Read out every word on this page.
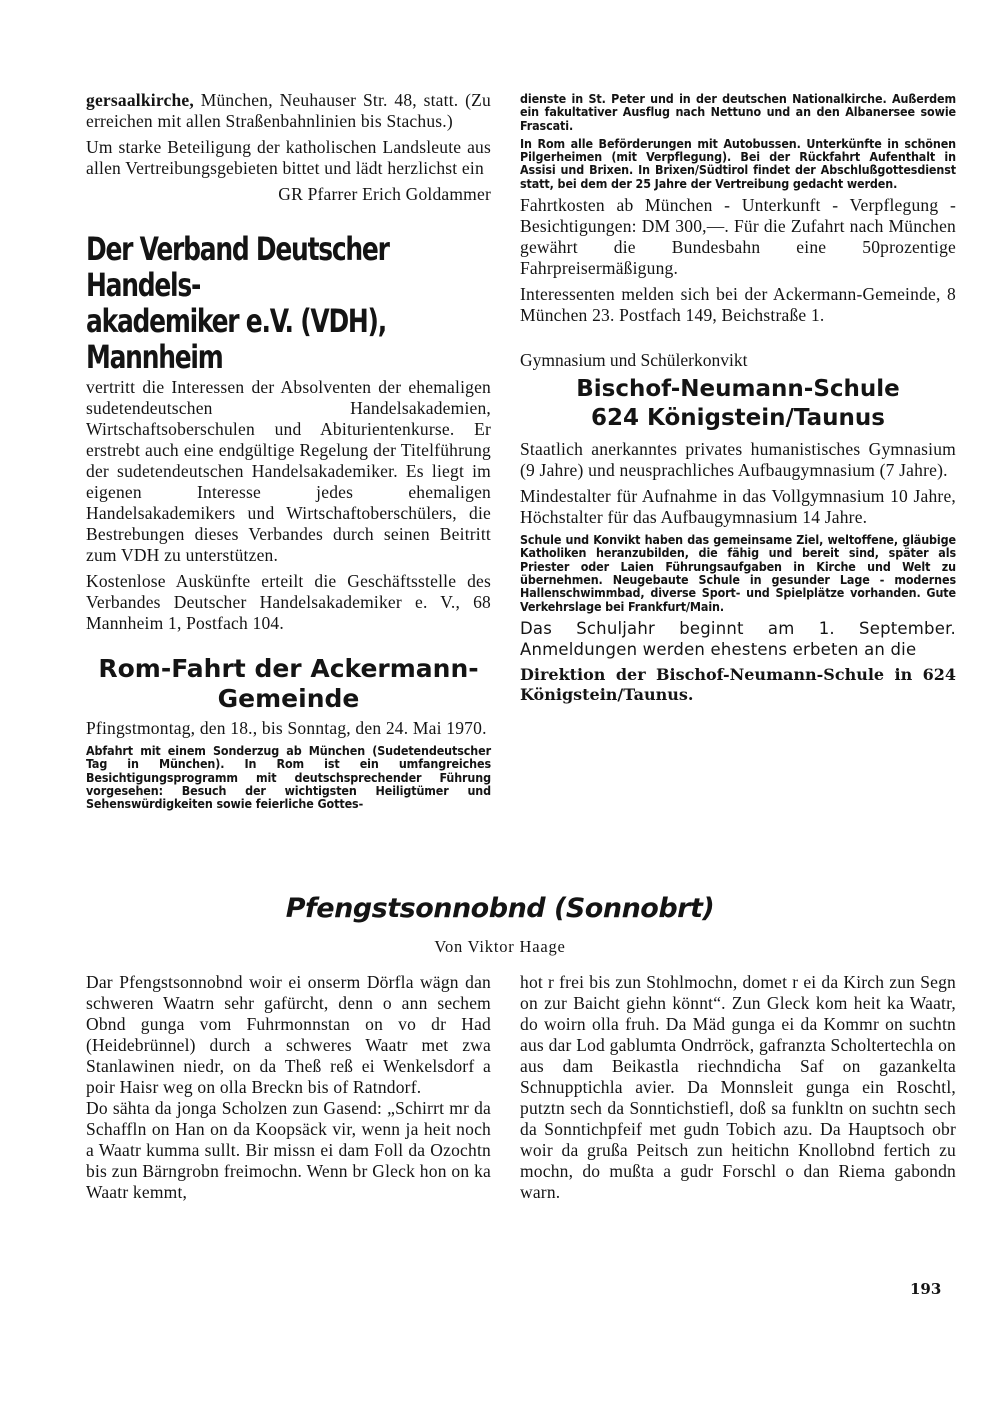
gersaalkirche, München, Neuhauser Str. 48, statt. (Zu erreichen mit allen Straßenbahnlinien bis Stachus.)

Um starke Beteiligung der katholischen Landsleute aus allen Vertreibungsgebieten bittet und lädt herzlichst ein

GR Pfarrer Erich Goldammer

Der Verband Deutscher Handels-
akademiker e.V. (VDH), Mannheim

vertritt die Interessen der Absolventen der ehemaligen sudetendeutschen Handelsakademien, Wirtschaftsoberschulen und Abiturientenkurse. Er erstrebt auch eine endgültige Regelung der Titelführung der sudetendeutschen Handelsakademiker. Es liegt im eigenen Interesse jedes ehemaligen Handelsakademikers und Wirtschaftoberschülers, die Bestrebungen dieses Verbandes durch seinen Beitritt zum VDH zu unterstützen.

Kostenlose Auskünfte erteilt die Geschäftsstelle des Verbandes Deutscher Handelsakademiker e. V., 68 Mannheim 1, Postfach 104.

Rom-Fahrt der Ackermann-
Gemeinde

Pfingstmontag, den 18., bis Sonntag, den 24. Mai 1970.

Abfahrt mit einem Sonderzug ab München (Sudetendeutscher Tag in München). In Rom ist ein umfangreiches Besichtigungsprogramm mit deutschsprechender Führung vorgesehen: Besuch der wichtigsten Heiligtümer und Sehenswürdigkeiten sowie feierliche Gottes-

dienste in St. Peter und in der deutschen Nationalkirche. Außerdem ein fakultativer Ausflug nach Nettuno und an den Albanersee sowie Frascati.

In Rom alle Beförderungen mit Autobussen. Unterkünfte in schönen Pilgerheimen (mit Verpflegung). Bei der Rückfahrt Aufenthalt in Assisi und Brixen. In Brixen/Südtirol findet der Abschlußgottesdienst statt, bei dem der 25 Jahre der Vertreibung gedacht werden.

Fahrtkosten ab München - Unterkunft - Verpflegung - Besichtigungen: DM 300,—. Für die Zufahrt nach München gewährt die Bundesbahn eine 50prozentige Fahrpreisermäßigung.

Interessenten melden sich bei der Ackermann-Gemeinde, 8 München 23. Postfach 149, Beichstraße 1.

Gymnasium und Schülerkonvikt

Bischof-Neumann-Schule
624 Königstein/Taunus

Staatlich anerkanntes privates humanistisches Gymnasium (9 Jahre) und neusprachliches Aufbaugymnasium (7 Jahre).

Mindestalter für Aufnahme in das Vollgymnasium 10 Jahre, Höchstalter für das Aufbaugymnasium 14 Jahre.

Schule und Konvikt haben das gemeinsame Ziel, weltoffene, gläubige Katholiken heranzubilden, die fähig und bereit sind, später als Priester oder Laien Führungsaufgaben in Kirche und Welt zu übernehmen. Neugebaute Schule in gesunder Lage - modernes Hallenschwimmbad, diverse Sport- und Spielplätze vorhanden. Gute Verkehrslage bei Frankfurt/Main.

Das Schuljahr beginnt am 1. September. Anmeldungen werden ehestens erbeten an die

Direktion der Bischof-Neumann-Schule in 624 Königstein/Taunus.

Pfengstsonnobnd (Sonnobrt)
Von Viktor Haage

Dar Pfengstsonnobnd woir ei onserm Dörfla wägn dan schweren Waatrn sehr gafürcht, denn o ann sechem Obnd gunga vom Fuhrmonnstan on vo dr Had (Heidebrünnel) durch a schweres Waatr met zwa Stanlawinen niedr, on da Theß reß ei Wenkelsdorf a poir Haisr weg on olla Breckn bis of Ratndorf.

Do sähta da jonga Scholzen zun Gasend: „Schirrt mr da Schaffln on Han on da Koopsäck vir, wenn ja heit noch a Waatr kumma sullt. Bir missn ei dam Foll da Ozochtn bis zun Bärngrobn freimochn. Wenn br Gleck hon on ka Waatr kemmt,

hot r frei bis zun Stohlmochn, domet r ei da Kirch zun Segn on zur Baicht giehn könnt“. Zun Gleck kom heit ka Waatr, do woirn olla fruh. Da Mäd gunga ei da Kommr on suchtn aus dar Lod gablumta Ondrröck, gafranzta Scholtertechla on aus dam Beikastla riechndicha Saf on gazankelta Schnupptichla avier. Da Monnsleit gunga ein Roschtl, putztn sech da Sonntichstiefl, doß sa funkltn on suchtn sech da Sonntichpfeif met gudn Tobich azu. Da Hauptsoch obr woir da grußa Peitsch zun heitichn Knollobnd fertich zu mochn, do mußta a gudr Forschl o dan Riema gabondn warn.

193
